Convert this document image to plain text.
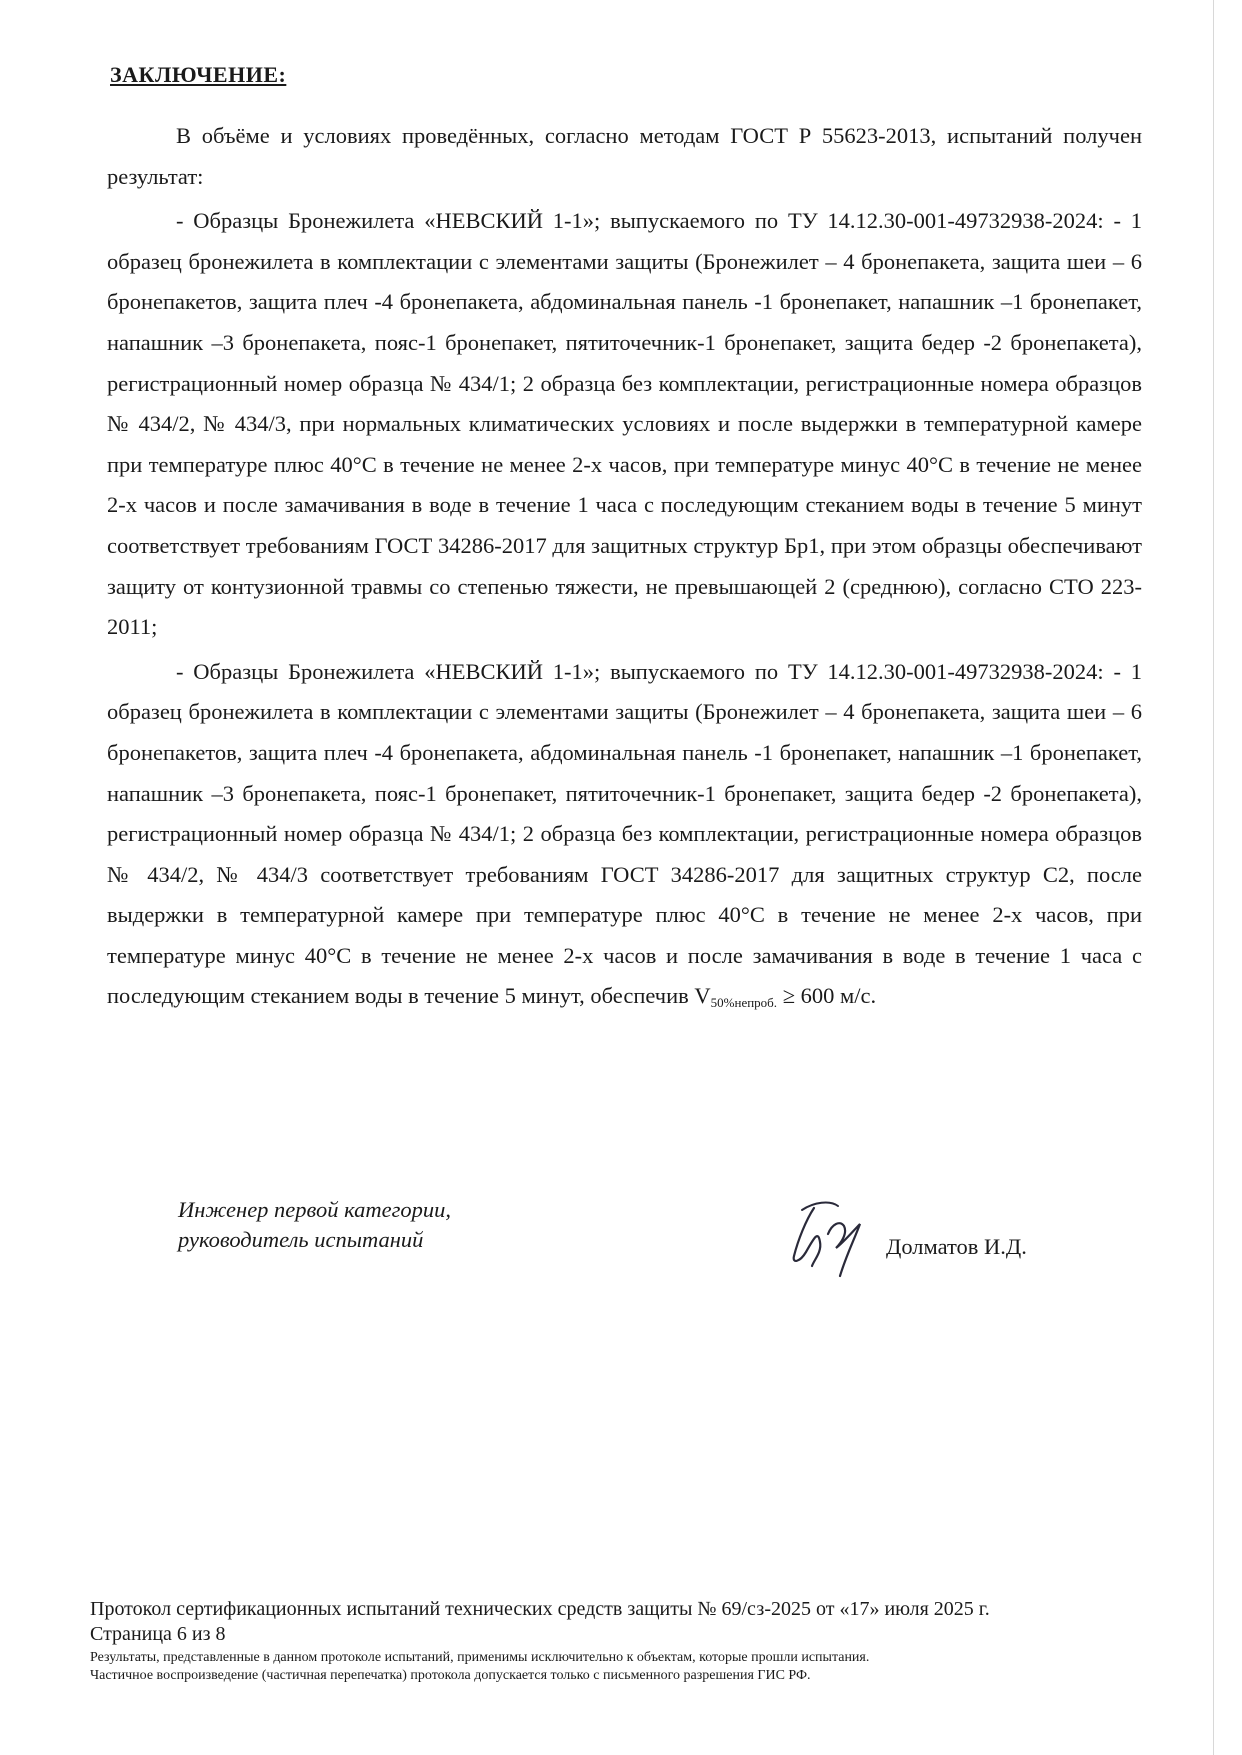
ЗАКЛЮЧЕНИЕ:

В объёме и условиях проведённых, согласно методам ГОСТ Р 55623-2013, испытаний получен результат:

- Образцы Бронежилета «НЕВСКИЙ 1-1»; выпускаемого по ТУ 14.12.30-001-49732938-2024: - 1 образец бронежилета в комплектации с элементами защиты (Бронежилет – 4 бронепакета, защита шеи – 6 бронепакетов, защита плеч -4 бронепакета, абдоминальная панель -1 бронепакет, напашник –1 бронепакет, напашник –3 бронепакета, пояс-1 бронепакет, пятиточечник-1 бронепакет, защита бедер -2 бронепакета), регистрационный номер образца № 434/1; 2 образца без комплектации, регистрационные номера образцов № 434/2, № 434/3, при нормальных климатических условиях и после выдержки в температурной камере при температуре плюс 40°С в течение не менее 2-х часов, при температуре минус 40°С в течение не менее 2-х часов и после замачивания в воде в течение 1 часа с последующим стеканием воды в течение 5 минут соответствует требованиям ГОСТ 34286-2017 для защитных структур Бр1, при этом образцы обеспечивают защиту от контузионной травмы со степенью тяжести, не превышающей 2 (среднюю), согласно СТО 223-2011;

- Образцы Бронежилета «НЕВСКИЙ 1-1»; выпускаемого по ТУ 14.12.30-001-49732938-2024: - 1 образец бронежилета в комплектации с элементами защиты (Бронежилет – 4 бронепакета, защита шеи – 6 бронепакетов, защита плеч -4 бронепакета, абдоминальная панель -1 бронепакет, напашник –1 бронепакет, напашник –3 бронепакета, пояс-1 бронепакет, пятиточечник-1 бронепакет, защита бедер -2 бронепакета), регистрационный номер образца № 434/1; 2 образца без комплектации, регистрационные номера образцов № 434/2, № 434/3 соответствует требованиям ГОСТ 34286-2017 для защитных структур С2, после выдержки в температурной камере при температуре плюс 40°С в течение не менее 2-х часов, при температуре минус 40°С в течение не менее 2-х часов и после замачивания в воде в течение 1 часа с последующим стеканием воды в течение 5 минут, обеспечив $V_{50\%непроб.} \ge 600$ м/с.

Инженер первой категории,
руководитель испытаний	Долматов И.Д.
Протокол сертификационных испытаний технических средств защиты № 69/сз-2025 от «17» июля 2025 г.
Страница 6 из 8
Результаты, представленные в данном протоколе испытаний, применимы исключительно к объектам, которые прошли испытания.
Частичное воспроизведение (частичная перепечатка) протокола допускается только с письменного разрешения ГИС РФ.
